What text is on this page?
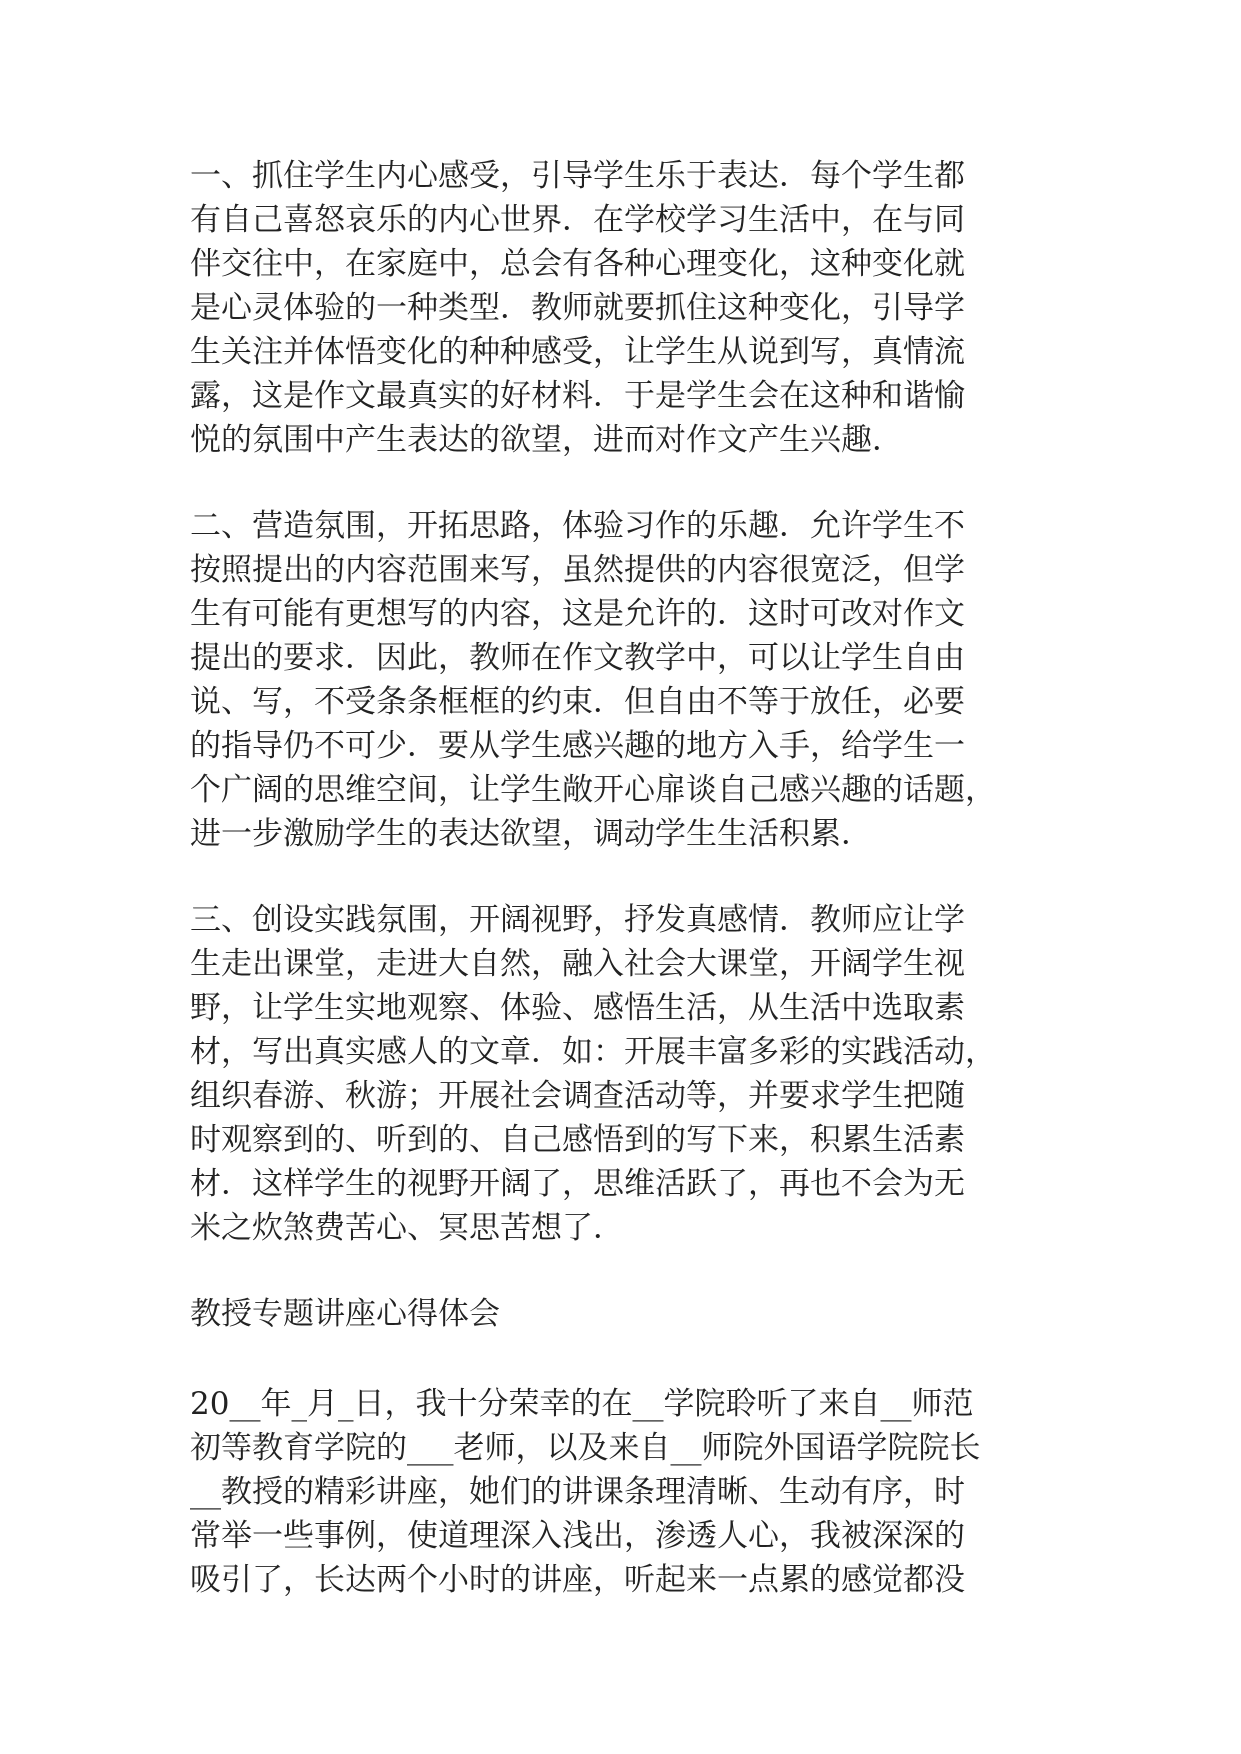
一、抓住学生内心感受，引导学生乐于表达．每个学生都
有自己喜怒哀乐的内心世界．在学校学习生活中，在与同
伴交往中，在家庭中，总会有各种心理变化，这种变化就
是心灵体验的一种类型．教师就要抓住这种变化，引导学
生关注并体悟变化的种种感受，让学生从说到写，真情流
露，这是作文最真实的好材料．于是学生会在这种和谐愉
悦的氛围中产生表达的欲望，进而对作文产生兴趣．
二、营造氛围，开拓思路，体验习作的乐趣．允许学生不
按照提出的内容范围来写，虽然提供的内容很宽泛，但学
生有可能有更想写的内容，这是允许的．这时可改对作文
提出的要求．因此，教师在作文教学中，可以让学生自由
说、写，不受条条框框的约束．但自由不等于放任，必要
的指导仍不可少．要从学生感兴趣的地方入手，给学生一
个广阔的思维空间，让学生敞开心扉谈自己感兴趣的话题，
进一步激励学生的表达欲望，调动学生生活积累．
三、创设实践氛围，开阔视野，抒发真感情．教师应让学
生走出课堂，走进大自然，融入社会大课堂，开阔学生视
野，让学生实地观察、体验、感悟生活，从生活中选取素
材，写出真实感人的文章．如：开展丰富多彩的实践活动，
组织春游、秋游；开展社会调查活动等，并要求学生把随
时观察到的、听到的、自己感悟到的写下来，积累生活素
材．这样学生的视野开阔了，思维活跃了，再也不会为无
米之炊煞费苦心、冥思苦想了．
教授专题讲座心得体会
20__年_月_日，我十分荣幸的在__学院聆听了来自__师范
初等教育学院的___老师，以及来自__师院外国语学院院长
__教授的精彩讲座，她们的讲课条理清晰、生动有序，时
常举一些事例，使道理深入浅出，渗透人心，我被深深的
吸引了，长达两个小时的讲座，听起来一点累的感觉都没
